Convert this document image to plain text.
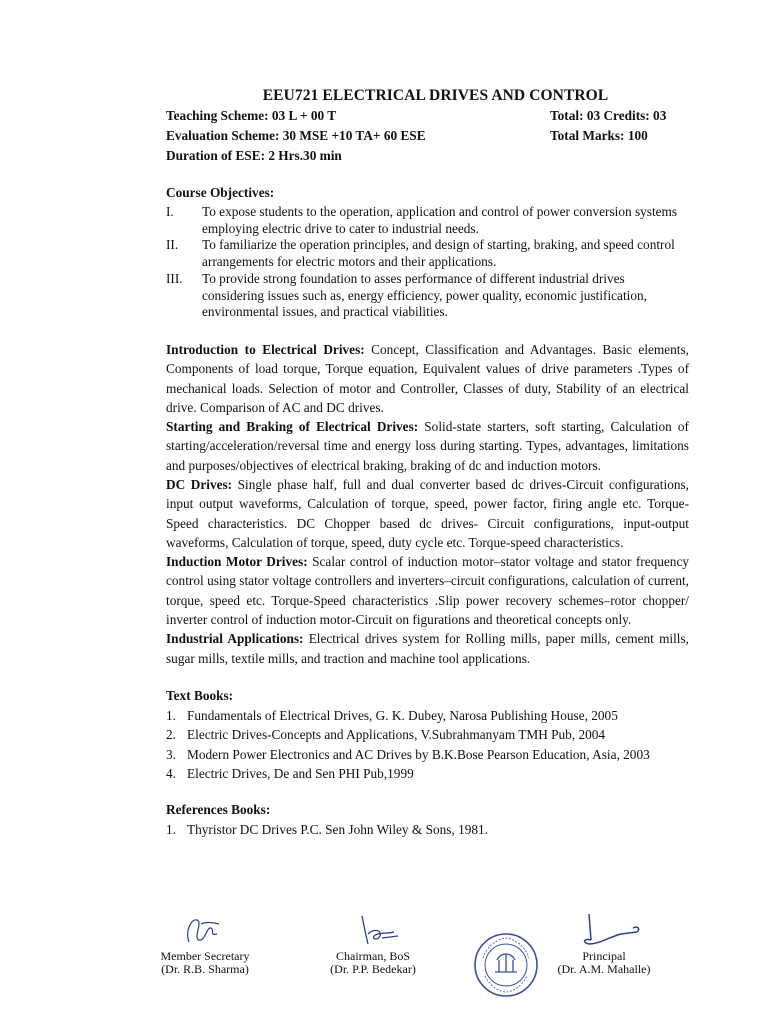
EEU721 ELECTRICAL DRIVES AND CONTROL
Teaching Scheme: 03 L + 00 T	Total: 03 Credits: 03
Evaluation Scheme: 30 MSE +10 TA+ 60 ESE	Total Marks: 100
Duration of ESE: 2 Hrs.30 min
Course Objectives:
I.	To expose students to the operation, application and control of power conversion systems employing electric drive to cater to industrial needs.
II.	To familiarize the operation principles, and design of starting, braking, and speed control arrangements for electric motors and their applications.
III.	To provide strong foundation to asses performance of different industrial drives considering issues such as, energy efficiency, power quality, economic justification, environmental issues, and practical viabilities.

Introduction to Electrical Drives: Concept, Classification and Advantages. Basic elements, Components of load torque, Torque equation, Equivalent values of drive parameters .Types of mechanical loads. Selection of motor and Controller, Classes of duty, Stability of an electrical drive. Comparison of AC and DC drives.

Starting and Braking of Electrical Drives: Solid-state starters, soft starting, Calculation of starting/acceleration/reversal time and energy loss during starting. Types, advantages, limitations and purposes/objectives of electrical braking, braking of dc and induction motors.

DC Drives: Single phase half, full and dual converter based dc drives-Circuit configurations, input output waveforms, Calculation of torque, speed, power factor, firing angle etc. Torque-Speed characteristics. DC Chopper based dc drives- Circuit configurations, input-output waveforms, Calculation of torque, speed, duty cycle etc. Torque-speed characteristics.

Induction Motor Drives: Scalar control of induction motor–stator voltage and stator frequency control using stator voltage controllers and inverters–circuit configurations, calculation of current, torque, speed etc. Torque-Speed characteristics .Slip power recovery schemes–rotor chopper/ inverter control of induction motor-Circuit on figurations and theoretical concepts only.

Industrial Applications: Electrical drives system for Rolling mills, paper mills, cement mills, sugar mills, textile mills, and traction and machine tool applications.

Text Books:
1. Fundamentals of Electrical Drives, G. K. Dubey, Narosa Publishing House, 2005
2. Electric Drives-Concepts and Applications, V.Subrahmanyam TMH Pub, 2004
3. Modern Power Electronics and AC Drives by B.K.Bose Pearson Education, Asia, 2003
4. Electric Drives, De and Sen PHI Pub,1999
References Books:
1. Thyristor DC Drives P.C. Sen John Wiley & Sons, 1981.
Member Secretary
(Dr. R.B. Sharma)
Chairman, BoS
(Dr. P.P. Bedekar)
Principal
(Dr. A.M. Mahalle)
